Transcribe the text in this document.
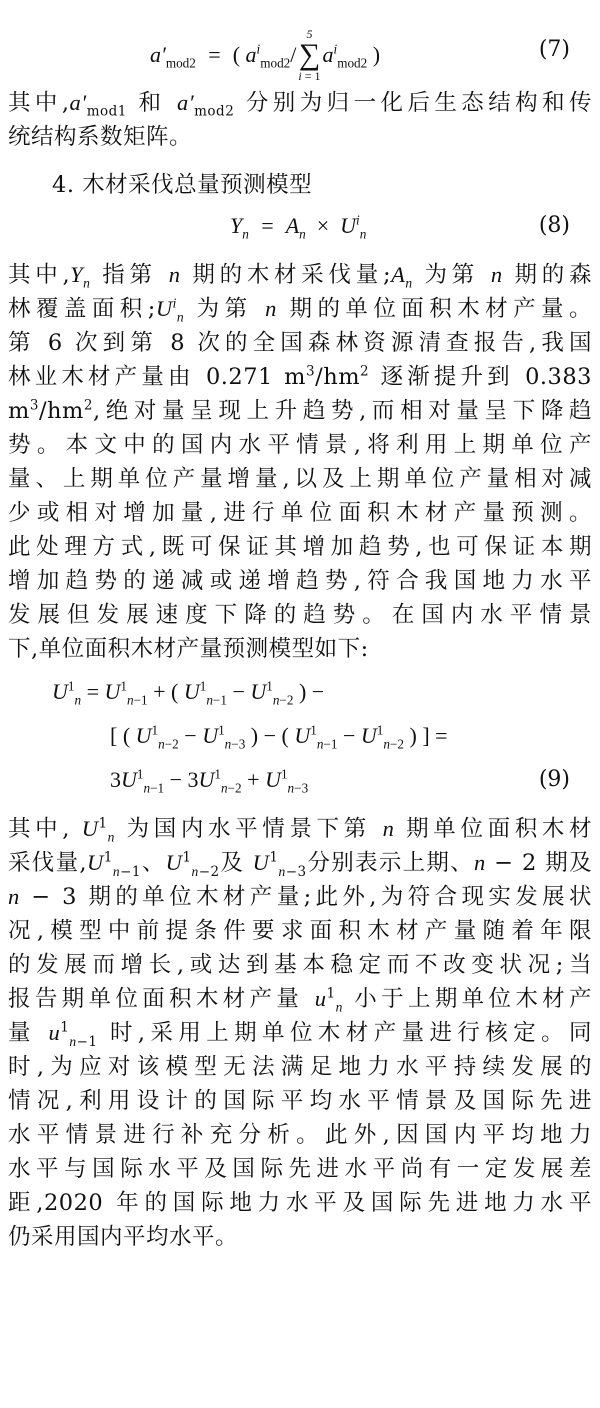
$a'_{mod2}$  =  ( $a^i_{mod2}/$
5
∑
i = 1
$a^i_{mod2}$ )	(7)
其中$,a'_{mod1}$ 和 $a'_{mod2}$ 分别为归一化后生态结构和传
统结构系数矩阵。
4. 木材采伐总量预测模型
$Y_n = A_n \times U^i_n$	(8)
其中$,Y_n$ 指第 n 期的木材采伐量$;A_n$ 为第 n 期的森
林覆盖面积$;U^i_n$ 为第 n 期的单位面积木材产量。
第 6 次到第 8 次的全国森林资源清查报告,我国
林业木材产量由 0.271 $m^3/hm^2$ 逐渐提升到 0.383
$m^3/hm^2$,绝对量呈现上升趋势,而相对量呈下降趋
势。本文中的国内水平情景,将利用上期单位产
量、上期单位产量增量,以及上期单位产量相对减
少或相对增加量,进行单位面积木材产量预测。
此处理方式,既可保证其增加趋势,也可保证本期
增加趋势的递减或递增趋势,符合我国地力水平
发展但发展速度下降的趋势。在国内水平情景
下,单位面积木材产量预测模型如下:
$U^1_n = U^1_{n-1}$ + ( $U^1_{n-1} - U^1_{n-2}$ ) −
[ ( $U^1_{n-2} - U^1_{n-3}$ ) − ( $U^1_{n-1} - U^1_{n-2}$ ) ] =
$3U^1_{n-1} - 3U^1_{n-2} + U^1_{n-3}$	(9)
其中, $U^1_n$ 为国内水平情景下第 n 期单位面积木材
采伐量$,U^1_{n-1}$、$U^1_{n-2}$及 $U^1_{n-3}$分别表示上期、n − 2 期及
n − 3 期的单位木材产量;此外,为符合现实发展状
况,模型中前提条件要求面积木材产量随着年限
的发展而增长,或达到基本稳定而不改变状况;当
报告期单位面积木材产量 $u^1_n$ 小于上期单位木材产
量 $u^1_{n-1}$ 时,采用上期单位木材产量进行核定。同
时,为应对该模型无法满足地力水平持续发展的
情况,利用设计的国际平均水平情景及国际先进
水平情景进行补充分析。此外,因国内平均地力
水平与国际水平及国际先进水平尚有一定发展差
距,2020 年的国际地力水平及国际先进地力水平
仍采用国内平均水平。
